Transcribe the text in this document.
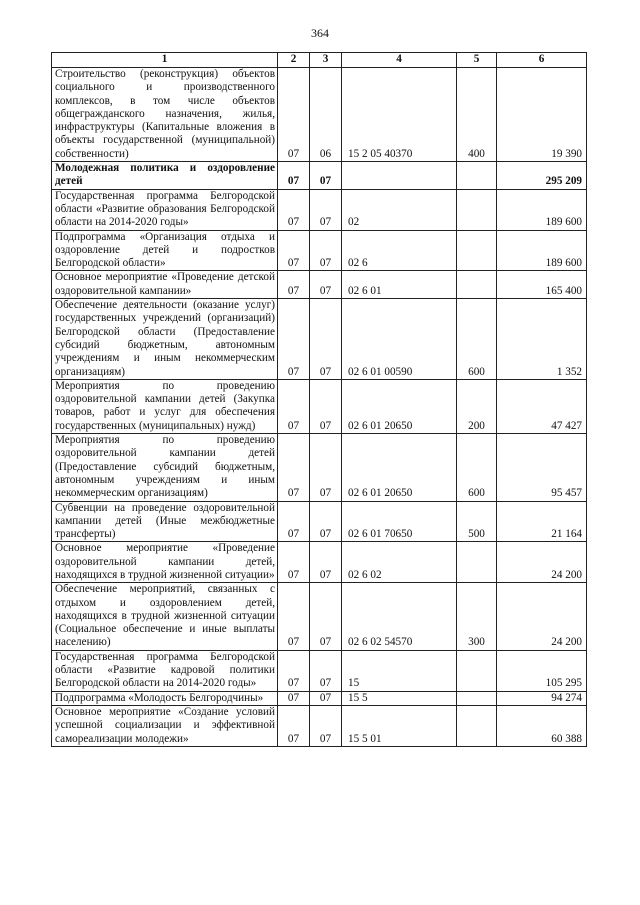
364
1	2	3	4	5	6
Строительство (реконструкция) объектов социального и производственного комплексов, в том числе объектов общегражданского назначения, жилья, инфраструктуры (Капитальные вложения в объекты государственной (муниципальной) собственности)	07	06	15 2 05 40370	400	19 390
Молодежная политика и оздоровление детей	07	07			295 209
Государственная программа Белгородской области «Развитие образования Белгородской области на 2014-2020 годы»	07	07	02		189 600
Подпрограмма «Организация отдыха и оздоровление детей и подростков Белгородской области»	07	07	02 6		189 600
Основное мероприятие «Проведение детской оздоровительной кампании»	07	07	02 6 01		165 400
Обеспечение деятельности (оказание услуг) государственных учреждений (организаций) Белгородской области (Предоставление субсидий бюджетным, автономным учреждениям и иным некоммерческим организациям)	07	07	02 6 01 00590	600	1 352
Мероприятия по проведению оздоровительной кампании детей (Закупка товаров, работ и услуг для обеспечения государственных (муниципальных) нужд)	07	07	02 6 01 20650	200	47 427
Мероприятия по проведению оздоровительной кампании детей (Предоставление субсидий бюджетным, автономным учреждениям и иным некоммерческим организациям)	07	07	02 6 01 20650	600	95 457
Субвенции на проведение оздоровительной кампании детей (Иные межбюджетные трансферты)	07	07	02 6 01 70650	500	21 164
Основное мероприятие «Проведение оздоровительной кампании детей, находящихся в трудной жизненной ситуации»	07	07	02 6 02		24 200
Обеспечение мероприятий, связанных с отдыхом и оздоровлением детей, находящихся в трудной жизненной ситуации (Социальное обеспечение и иные выплаты населению)	07	07	02 6 02 54570	300	24 200
Государственная программа Белгородской области «Развитие кадровой политики Белгородской области на 2014-2020 годы»	07	07	15		105 295
Подпрограмма «Молодость Белгородчины»	07	07	15 5		94 274
Основное мероприятие «Создание условий успешной социализации и эффективной самореализации молодежи»	07	07	15 5 01		60 388
